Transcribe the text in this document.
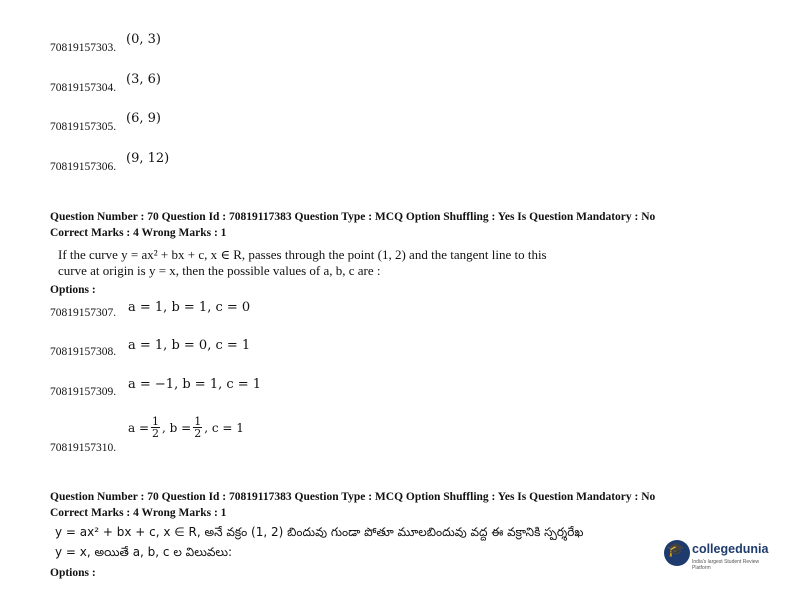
70819157303.
(0, 3)
70819157304.
(3, 6)
70819157305.
(6, 9)
70819157306.
(9, 12)
Question Number : 70 Question Id : 70819117383 Question Type : MCQ Option Shuffling : Yes Is Question Mandatory : No
Correct Marks : 4 Wrong Marks : 1
If the curve y = ax² + bx + c, x ∈ R, passes through the point (1, 2) and the tangent line to this
curve at origin is y = x, then the possible values of a, b, c are :
Options :
70819157307. a = 1, b = 1, c = 0
70819157308. a = 1, b = 0, c = 1
70819157309. a = −1, b = 1, c = 1
70819157310.
$a = \frac{1}{2}$ , $b = \frac{1}{2}$ , c = 1
Question Number : 70 Question Id : 70819117383 Question Type : MCQ Option Shuffling : Yes Is Question Mandatory : No
Correct Marks : 4 Wrong Marks : 1
y = ax² + bx + c, x ∈ R, అనే వక్రం (1, 2) బిందువు గుండా పోతూ మూలబిందువు వద్ద ఈ వక్రానికి స్పర్శరేఖ
y = x, అయితే a, b, c ల విలువలు:
Options :
🎓 collegedunia
India's largest Student Review Platform
